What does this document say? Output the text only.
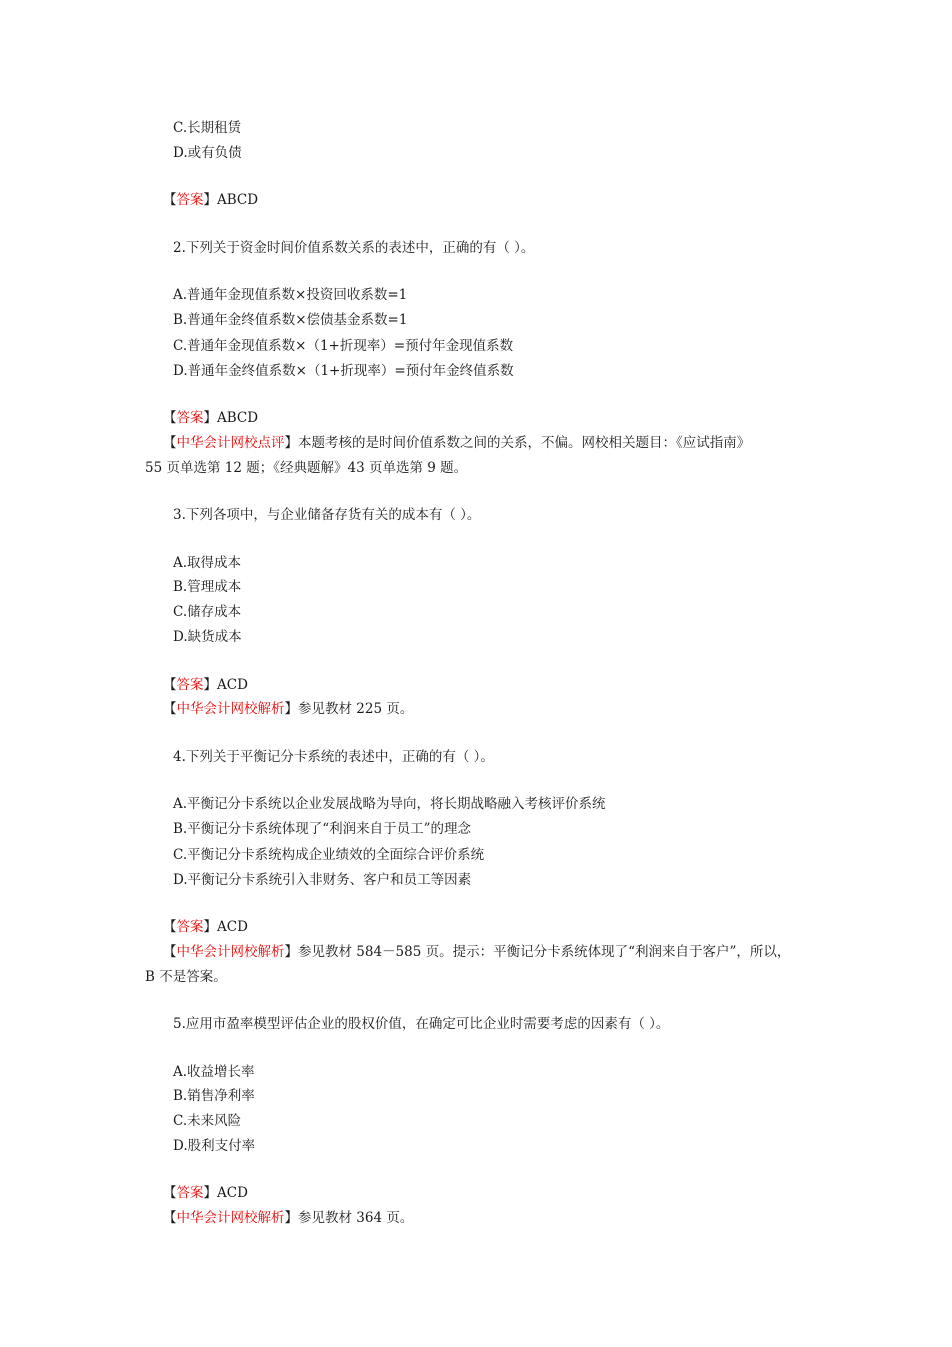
C.长期租赁
D.或有负债
【答案】ABCD
2.下列关于资金时间价值系数关系的表述中，正确的有（ ）。
A.普通年金现值系数×投资回收系数=1
B.普通年金终值系数×偿债基金系数=1
C.普通年金现值系数×（1+折现率）=预付年金现值系数
D.普通年金终值系数×（1+折现率）=预付年金终值系数
【答案】ABCD
【中华会计网校点评】本题考核的是时间价值系数之间的关系，不偏。网校相关题目：《应试指南》
55 页单选第 12 题；《经典题解》43 页单选第 9 题。
3.下列各项中，与企业储备存货有关的成本有（ ）。
A.取得成本
B.管理成本
C.储存成本
D.缺货成本
【答案】ACD
【中华会计网校解析】参见教材 225 页。
4.下列关于平衡记分卡系统的表述中，正确的有（ ）。
A.平衡记分卡系统以企业发展战略为导向，将长期战略融入考核评价系统
B.平衡记分卡系统体现了“利润来自于员工”的理念
C.平衡记分卡系统构成企业绩效的全面综合评价系统
D.平衡记分卡系统引入非财务、客户和员工等因素
【答案】ACD
【中华会计网校解析】参见教材 584－585 页。提示：平衡记分卡系统体现了“利润来自于客户”，所以，
B 不是答案。
5.应用市盈率模型评估企业的股权价值，在确定可比企业时需要考虑的因素有（ ）。
A.收益增长率
B.销售净利率
C.未来风险
D.股利支付率
【答案】ACD
【中华会计网校解析】参见教材 364 页。
